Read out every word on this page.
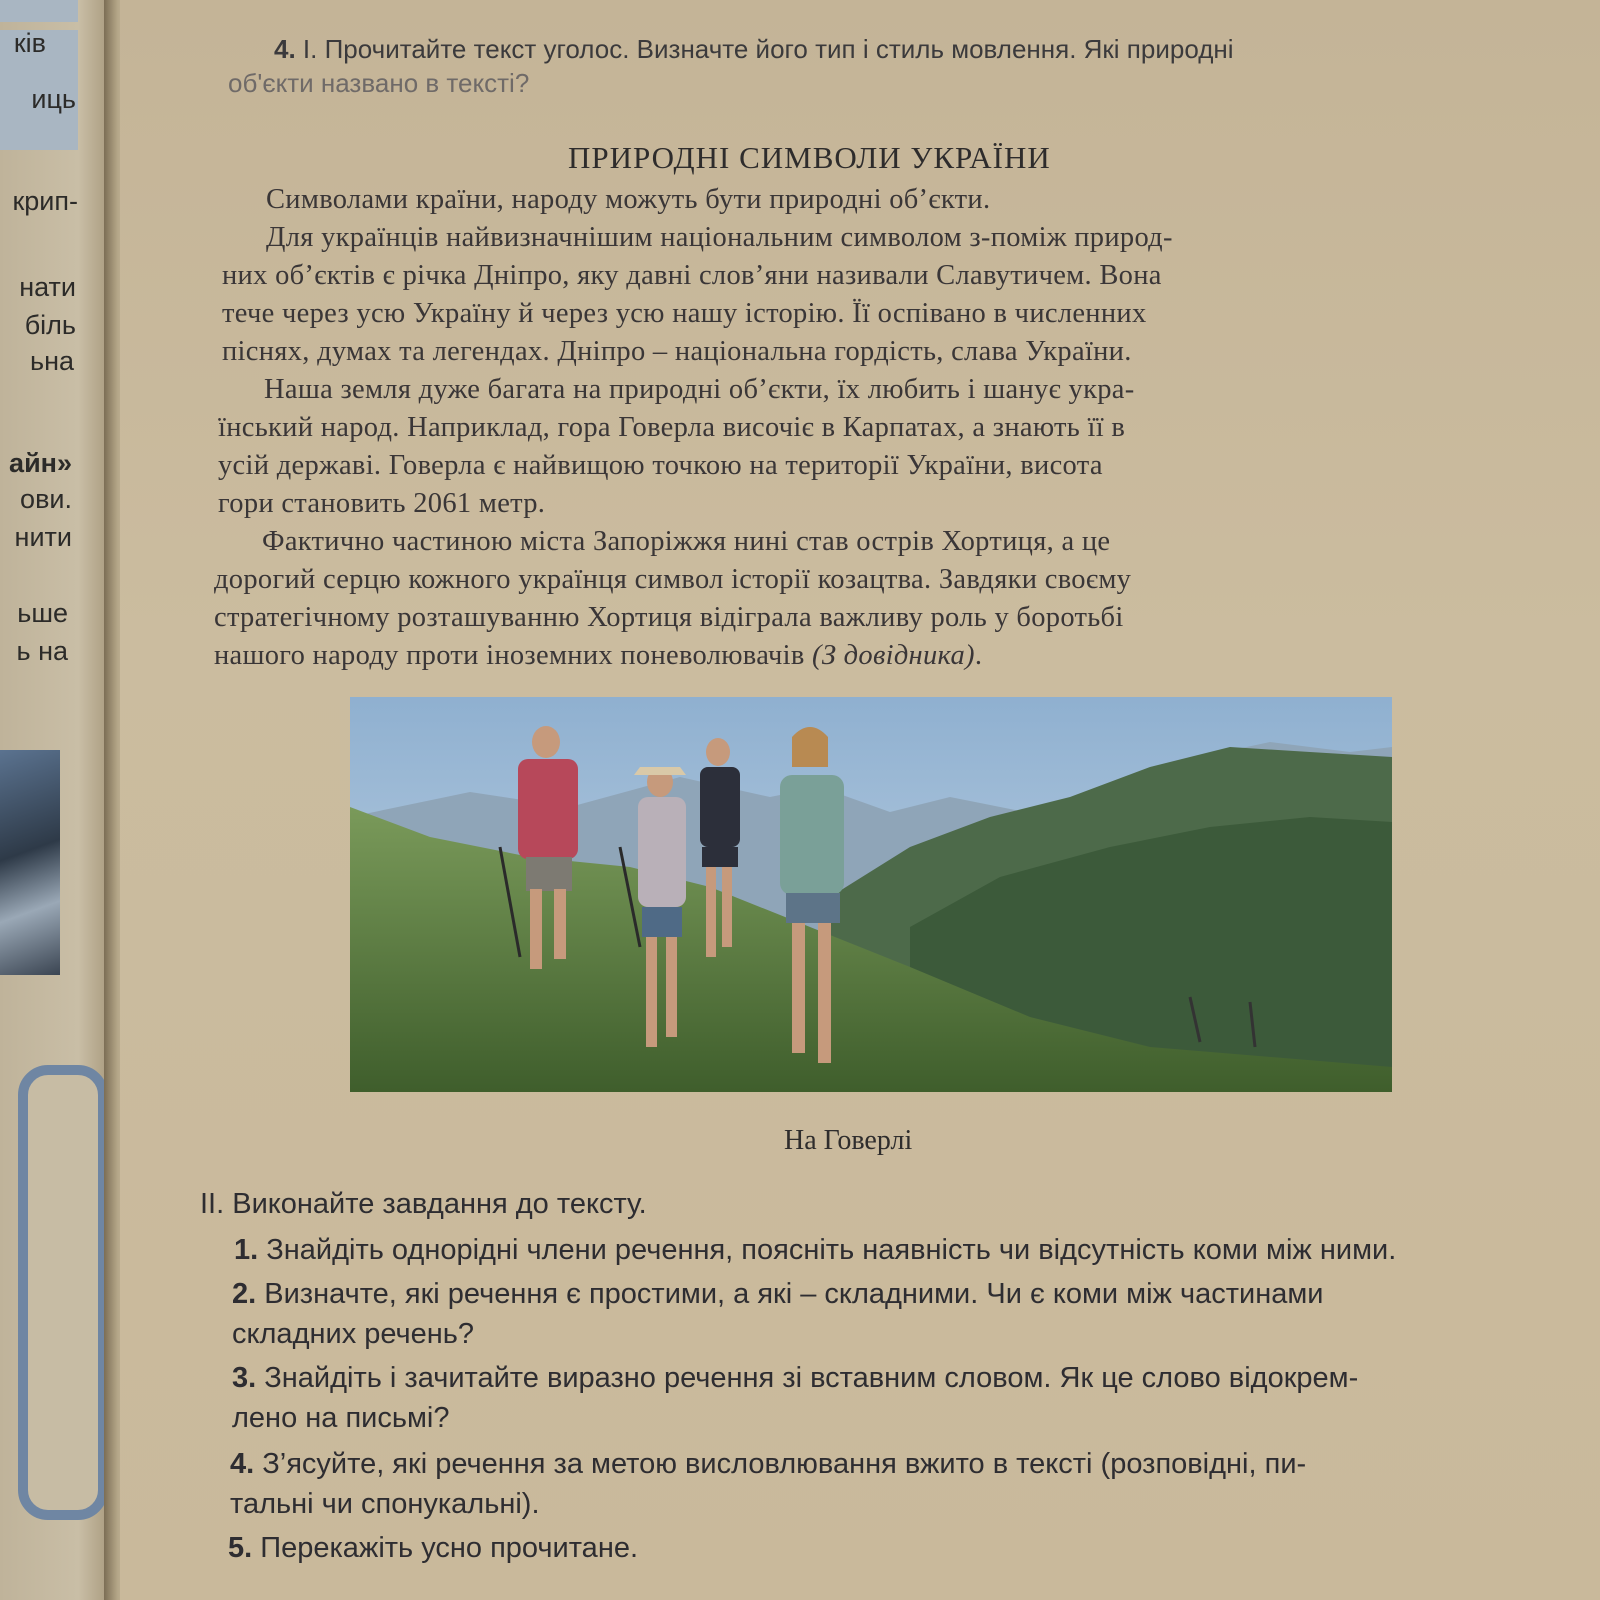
ків
иць
крип-
нати
біль
ьна
айн»
ови.
нити
ьше
ь на
4. I. Прочитайте текст уголос. Визначте його тип і стиль мовлення. Які природні
об'єкти названо в тексті?
ПРИРОДНІ СИМВОЛИ УКРАЇНИ
Символами країни, народу можуть бути природні об’єкти.
Для українців найвизначнішим національним символом з-поміж природ-
них об’єктів є річка Дніпро, яку давні слов’яни називали Славутичем. Вона
тече через усю Україну й через усю нашу історію. Її оспівано в численних
піснях, думах та легендах. Дніпро – національна гордість, слава України.
Наша земля дуже багата на природні об’єкти, їх любить і шанує укра-
їнський народ. Наприклад, гора Говерла височіє в Карпатах, а знають її в
усій державі. Говерла є найвищою точкою на території України, висота
гори становить 2061 метр.
Фактично частиною міста Запоріжжя нині став острів Хортиця, а це
дорогий серцю кожного українця символ історії козацтва. Завдяки своєму
стратегічному розташуванню Хортиця відіграла важливу роль у боротьбі
нашого народу проти іноземних поневолювачів (З довідника).
На Говерлі
II. Виконайте завдання до тексту.
1. Знайдіть однорідні члени речення, поясніть наявність чи відсутність коми між ними.
2. Визначте, які речення є простими, а які – складними. Чи є коми між частинами
складних речень?
3. Знайдіть і зачитайте виразно речення зі вставним словом. Як це слово відокрем-
лено на письмі?
4. З’ясуйте, які речення за метою висловлювання вжито в тексті (розповідні, пи-
тальні чи спонукальні).
5. Перекажіть усно прочитане.
